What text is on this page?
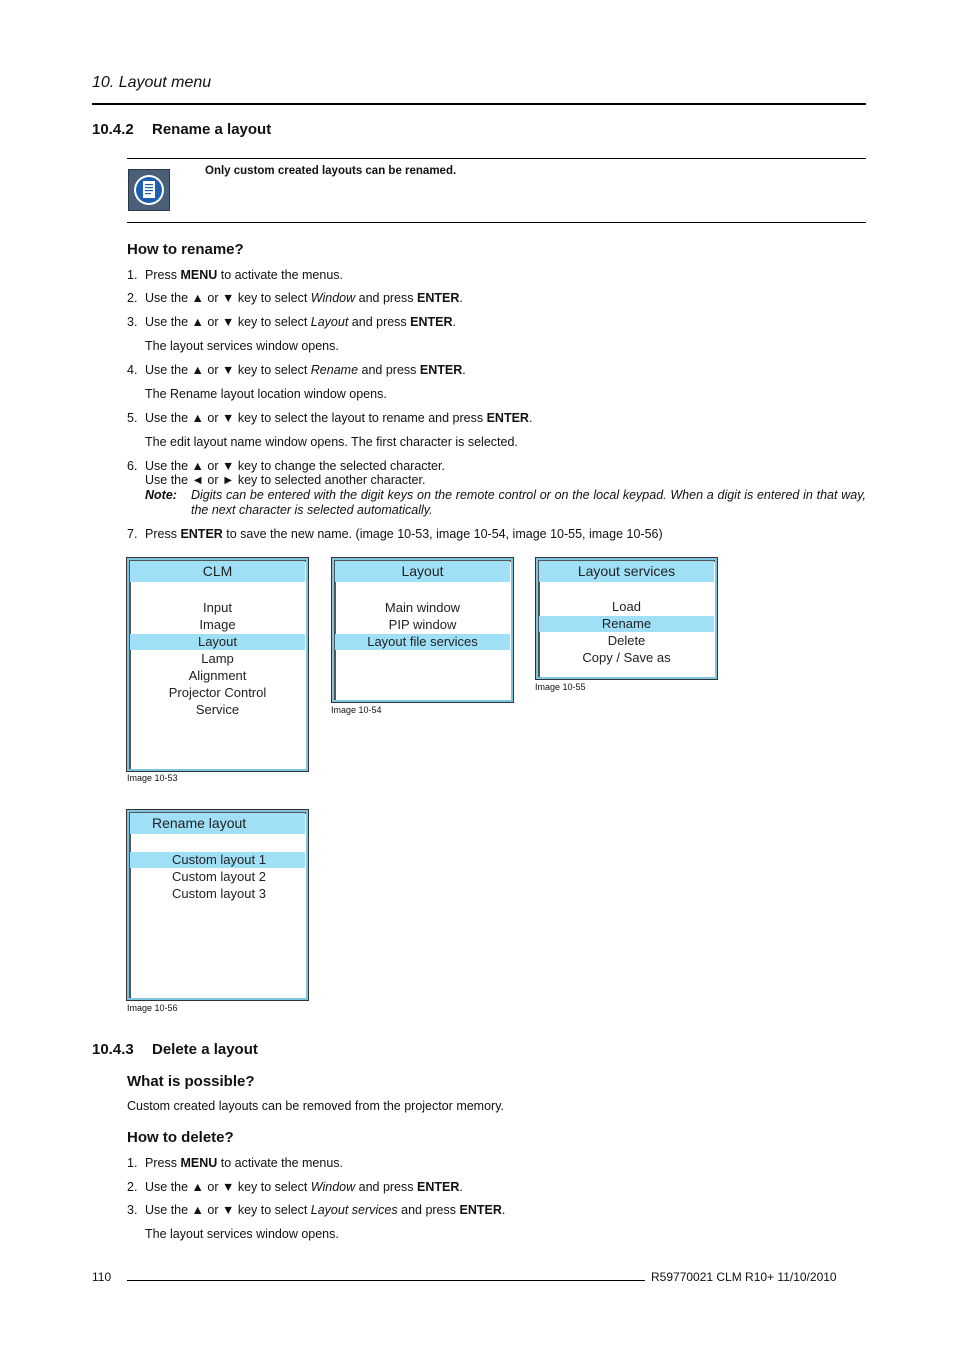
10. Layout menu
10.4.2 Rename a layout
Only custom created layouts can be renamed.
How to rename?
1. Press MENU to activate the menus.
2. Use the ▲ or ▼ key to select Window and press ENTER.
3. Use the ▲ or ▼ key to select Layout and press ENTER.
The layout services window opens.
4. Use the ▲ or ▼ key to select Rename and press ENTER.
The Rename layout location window opens.
5. Use the ▲ or ▼ key to select the layout to rename and press ENTER.
The edit layout name window opens. The first character is selected.
6. Use the ▲ or ▼ key to change the selected character.
Use the ◄ or ► key to selected another character.
Note: Digits can be entered with the digit keys on the remote control or on the local keypad. When a digit is entered in that way, the next character is selected automatically.
7. Press ENTER to save the new name. (image 10-53, image 10-54, image 10-55, image 10-56)
CLM
Input
Image
Layout
Lamp
Alignment
Projector Control
Service
Image 10-53
Layout
Main window
PIP window
Layout file services
Image 10-54
Layout services
Load
Rename
Delete
Copy / Save as
Image 10-55
Rename layout
Custom layout 1
Custom layout 2
Custom layout 3
Image 10-56
10.4.3 Delete a layout
What is possible?
Custom created layouts can be removed from the projector memory.
How to delete?
1. Press MENU to activate the menus.
2. Use the ▲ or ▼ key to select Window and press ENTER.
3. Use the ▲ or ▼ key to select Layout services and press ENTER.
The layout services window opens.
110	R59770021 CLM R10+ 11/10/2010
